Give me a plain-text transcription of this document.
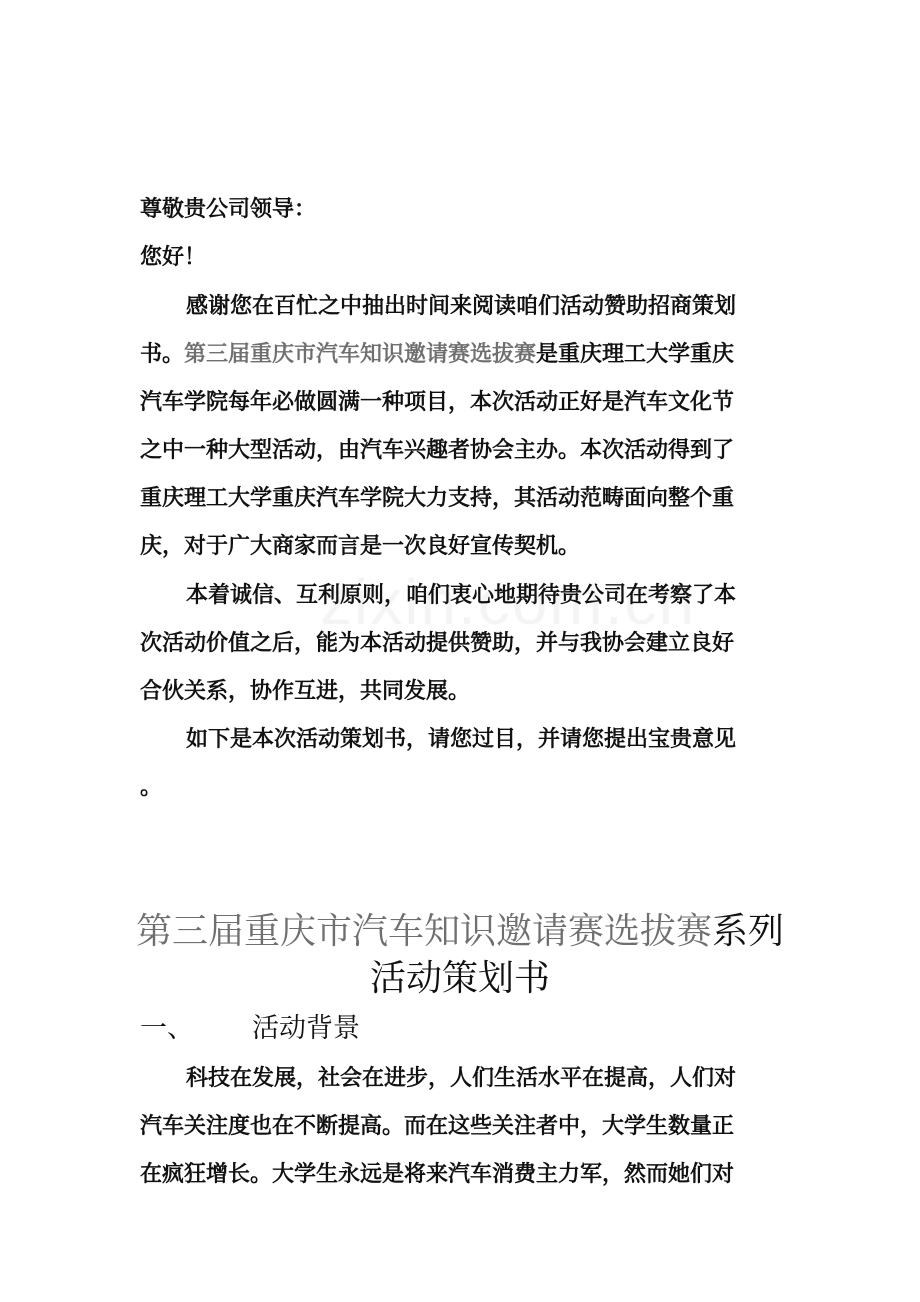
尊敬贵公司领导：
您好！
感谢您在百忙之中抽出时间来阅读咱们活动赞助招商策划
书。第三届重庆市汽车知识邀请赛选拔赛是重庆理工大学重庆
汽车学院每年必做圆满一种项目，本次活动正好是汽车文化节
之中一种大型活动，由汽车兴趣者协会主办。本次活动得到了
重庆理工大学重庆汽车学院大力支持，其活动范畴面向整个重
庆，对于广大商家而言是一次良好宣传契机。
本着诚信、互利原则，咱们衷心地期待贵公司在考察了本
次活动价值之后，能为本活动提供赞助，并与我协会建立良好
合伙关系，协作互进，共同发展。
如下是本次活动策划书，请您过目，并请您提出宝贵意见
。
第三届重庆市汽车知识邀请赛选拔赛系列
活动策划书
一、 活动背景
科技在发展，社会在进步，人们生活水平在提高，人们对
汽车关注度也在不断提高。而在这些关注者中，大学生数量正
在疯狂增长。大学生永远是将来汽车消费主力军，然而她们对
